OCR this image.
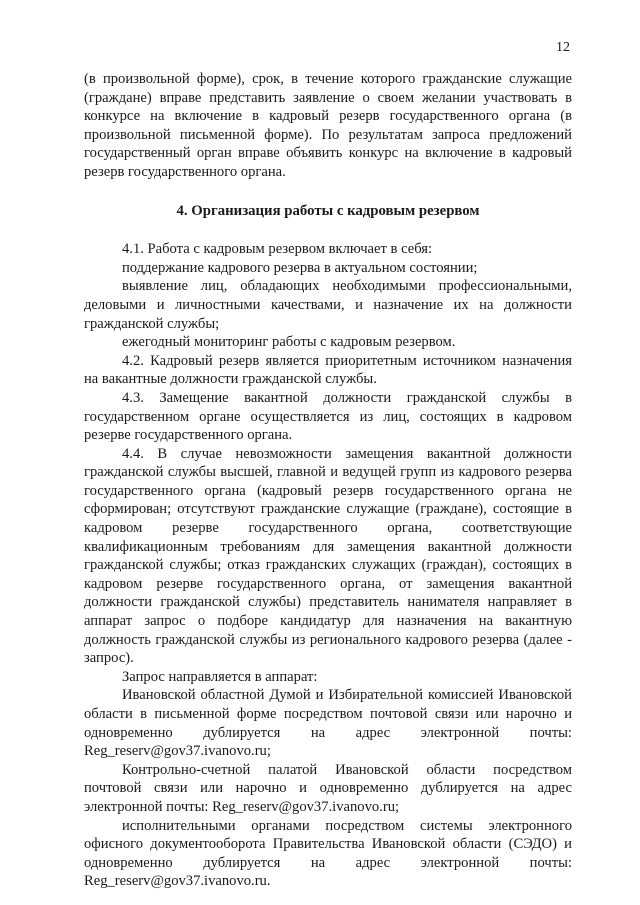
12

(в произвольной форме), срок, в течение которого гражданские служащие (граждане) вправе представить заявление о своем желании участвовать в конкурсе на включение в кадровый резерв государственного органа (в произвольной письменной форме). По результатам запроса предложений государственный орган вправе объявить конкурс на включение в кадровый резерв государственного органа.

4. Организация работы с кадровым резервом

4.1. Работа с кадровым резервом включает в себя:

поддержание кадрового резерва в актуальном состоянии;

выявление лиц, обладающих необходимыми профессиональными, деловыми и личностными качествами, и назначение их на должности гражданской службы;

ежегодный мониторинг работы с кадровым резервом.

4.2. Кадровый резерв является приоритетным источником назначения на вакантные должности гражданской службы.

4.3. Замещение вакантной должности гражданской службы в государственном органе осуществляется из лиц, состоящих в кадровом резерве государственного органа.

4.4. В случае невозможности замещения вакантной должности гражданской службы высшей, главной и ведущей групп из кадрового резерва государственного органа (кадровый резерв государственного органа не сформирован; отсутствуют гражданские служащие (граждане), состоящие в кадровом резерве государственного органа, соответствующие квалификационным требованиям для замещения вакантной должности гражданской службы; отказ гражданских служащих (граждан), состоящих в кадровом резерве государственного органа, от замещения вакантной должности гражданской службы) представитель нанимателя направляет в аппарат запрос о подборе кандидатур для назначения на вакантную должность гражданской службы из регионального кадрового резерва (далее - запрос).

Запрос направляется в аппарат:

Ивановской областной Думой и Избирательной комиссией Ивановской области в письменной форме посредством почтовой связи или нарочно и одновременно дублируется на адрес электронной почты: Reg_reserv@gov37.ivanovo.ru;

Контрольно-счетной палатой Ивановской области посредством почтовой связи или нарочно и одновременно дублируется на адрес электронной почты: Reg_reserv@gov37.ivanovo.ru;

исполнительными органами посредством системы электронного офисного документооборота Правительства Ивановской области (СЭДО) и одновременно дублируется на адрес электронной почты: Reg_reserv@gov37.ivanovo.ru.
